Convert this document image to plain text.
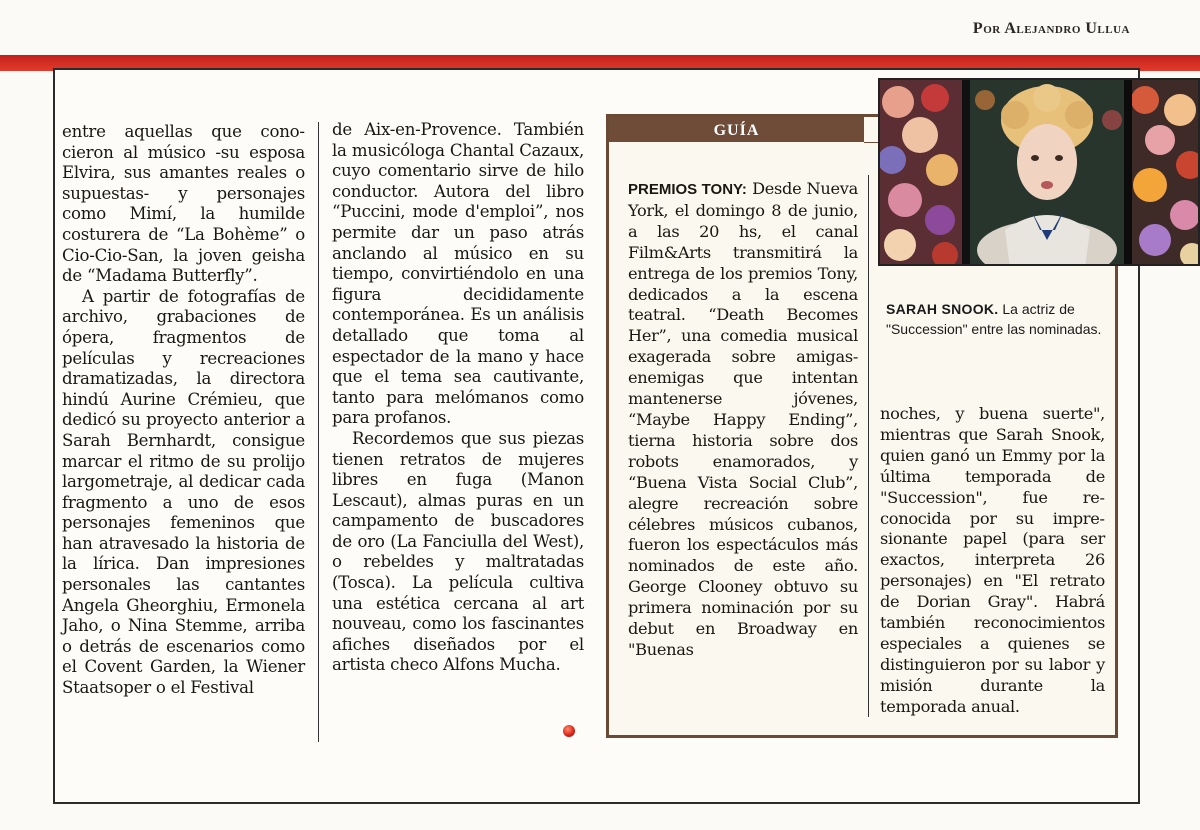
Por Alejandro Ullua

entre aquellas que conocieron al músico -su esposa Elvira, sus amantes reales o supuestas- y personajes como Mimí, la humilde costurera de “La Bohème” o Cio-Cio-San, la joven geisha de “Madama Butterfly”.

A partir de fotografías de archivo, grabaciones de ópera, fragmentos de películas y recreaciones dramatizadas, la directora hindú Aurine Crémieu, que dedicó su proyecto anterior a Sarah Bernhardt, consigue marcar el ritmo de su prolijo largometraje, al dedicar cada fragmento a uno de esos personajes femeninos que han atravesado la historia de la lírica. Dan impresiones personales las cantantes Angela Gheorghiu, Ermonela Jaho, o Nina Stemme, arriba o detrás de escenarios como el Covent Garden, la Wiener Staatsoper o el Festival

de Aix-en-Provence. También la musicóloga Chantal Cazaux, cuyo comentario sirve de hilo conductor. Autora del libro “Puccini, mode d'emploi”, nos permite dar un paso atrás anclando al músico en su tiempo, convirtiéndolo en una figura decididamente contemporánea. Es un análisis detallado que toma al espectador de la mano y hace que el tema sea cautivante, tanto para melómanos como para profanos.

Recordemos que sus piezas tienen retratos de mujeres libres en fuga (Manon Lescaut), almas puras en un campamento de buscadores de oro (La Fanciulla del West), o rebeldes y maltratadas (Tosca). La película cultiva una estética cercana al art nouveau, como los fascinantes afiches diseñados por el artista checo Alfons Mucha.

GUÍA

PREMIOS TONY: Desde Nueva York, el domingo 8 de junio, a las 20 hs, el canal Film&Arts transmitirá la entrega de los premios Tony, dedicados a la escena teatral. “Death Becomes Her”, una comedia musical exagerada sobre amigas-enemigas que intentan mantenerse jóvenes, “Maybe Happy Ending”, tierna historia sobre dos robots enamorados, y “Buena Vista Social Club”, alegre recreación sobre célebres músicos cubanos, fueron los espectáculos más nominados de este año. George Clooney obtuvo su primera nominación por su debut en Broadway en "Buenas

noches, y buena suerte", mientras que Sarah Snook, quien ganó un Emmy por la última temporada de "Succession", fue reconocida por su impresionante papel (para ser exactos, interpreta 26 personajes) en "El retrato de Dorian Gray". Habrá también reconocimientos especiales a quienes se distinguieron por su labor y misión durante la temporada anual.

SARAH SNOOK. La actriz de "Succession" entre las nominadas.
